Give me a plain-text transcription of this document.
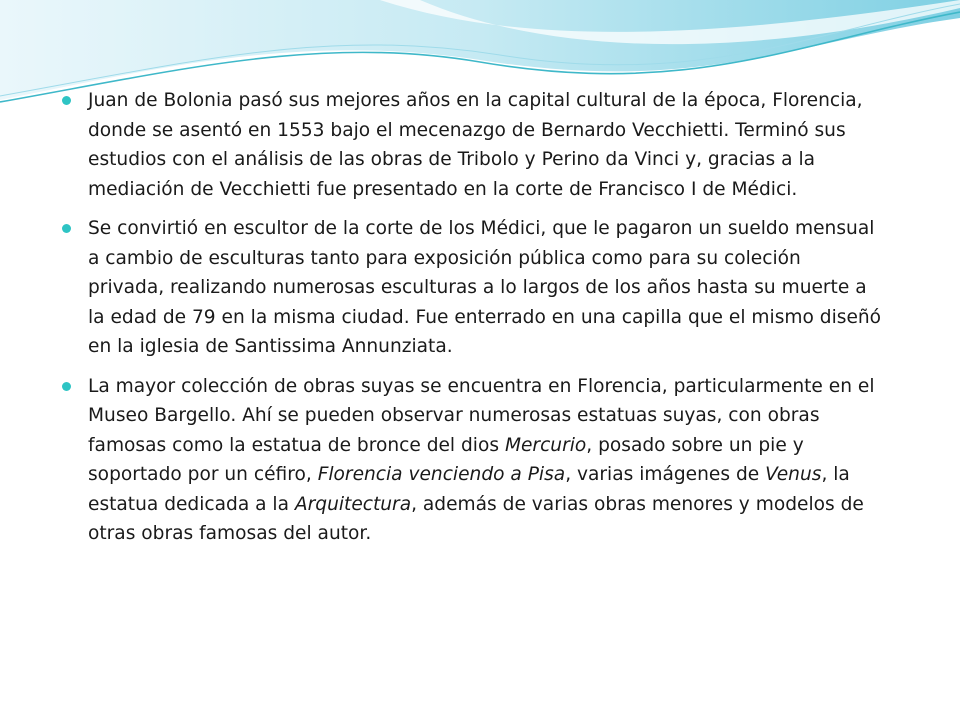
Juan de Bolonia pasó sus mejores años en la capital cultural de la época, Florencia, donde se asentó en 1553 bajo el mecenazgo de Bernardo Vecchietti. Terminó sus estudios con el análisis de las obras de Tribolo y Perino da Vinci y, gracias a la mediación de Vecchietti fue presentado en la corte de Francisco I de Médici.
Se convirtió en escultor de la corte de los Médici, que le pagaron un sueldo mensual a cambio de esculturas tanto para exposición pública como para su coleción privada, realizando numerosas esculturas a lo largos de los años hasta su muerte a la edad de 79 en la misma ciudad. Fue enterrado en una capilla que el mismo diseñó en la iglesia de Santissima Annunziata.
La mayor colección de obras suyas se encuentra en Florencia, particularmente en el Museo Bargello. Ahí se pueden observar numerosas estatuas suyas, con obras famosas como la estatua de bronce del dios Mercurio, posado sobre un pie y soportado por un céfiro, Florencia venciendo a Pisa, varias imágenes de Venus, la estatua dedicada a la Arquitectura, además de varias obras menores y modelos de otras obras famosas del autor.
